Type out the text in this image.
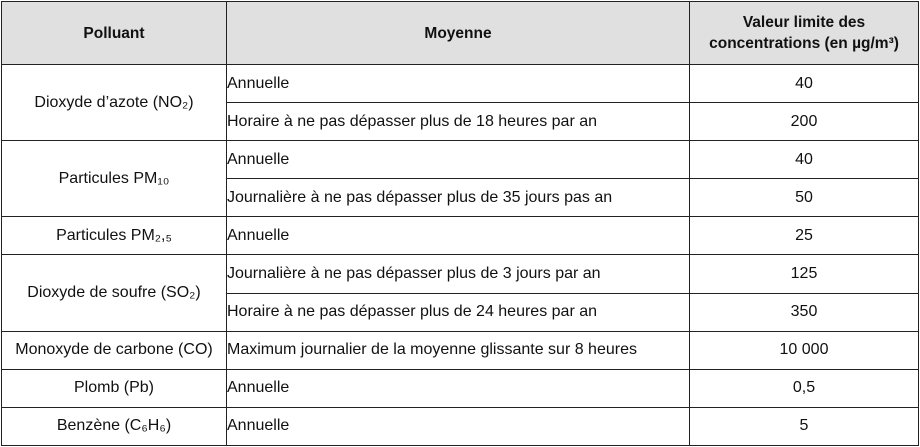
Polluant	Moyenne	Valeur limite des
concentrations (en µg/m³)

Dioxyde d’azote (NO₂)	Annuelle	40
	Horaire à ne pas dépasser plus de 18 heures par an	200
Particules PM₁₀	Annuelle	40
	Journalière à ne pas dépasser plus de 35 jours pas an	50
Particules PM₂,₅	Annuelle	25
Dioxyde de soufre (SO₂)	Journalière à ne pas dépasser plus de 3 jours par an	125
	Horaire à ne pas dépasser plus de 24 heures par an	350
Monoxyde de carbone (CO)	Maximum journalier de la moyenne glissante sur 8 heures	10 000
Plomb (Pb)	Annuelle	0,5
Benzène (C₆H₆)	Annuelle	5
